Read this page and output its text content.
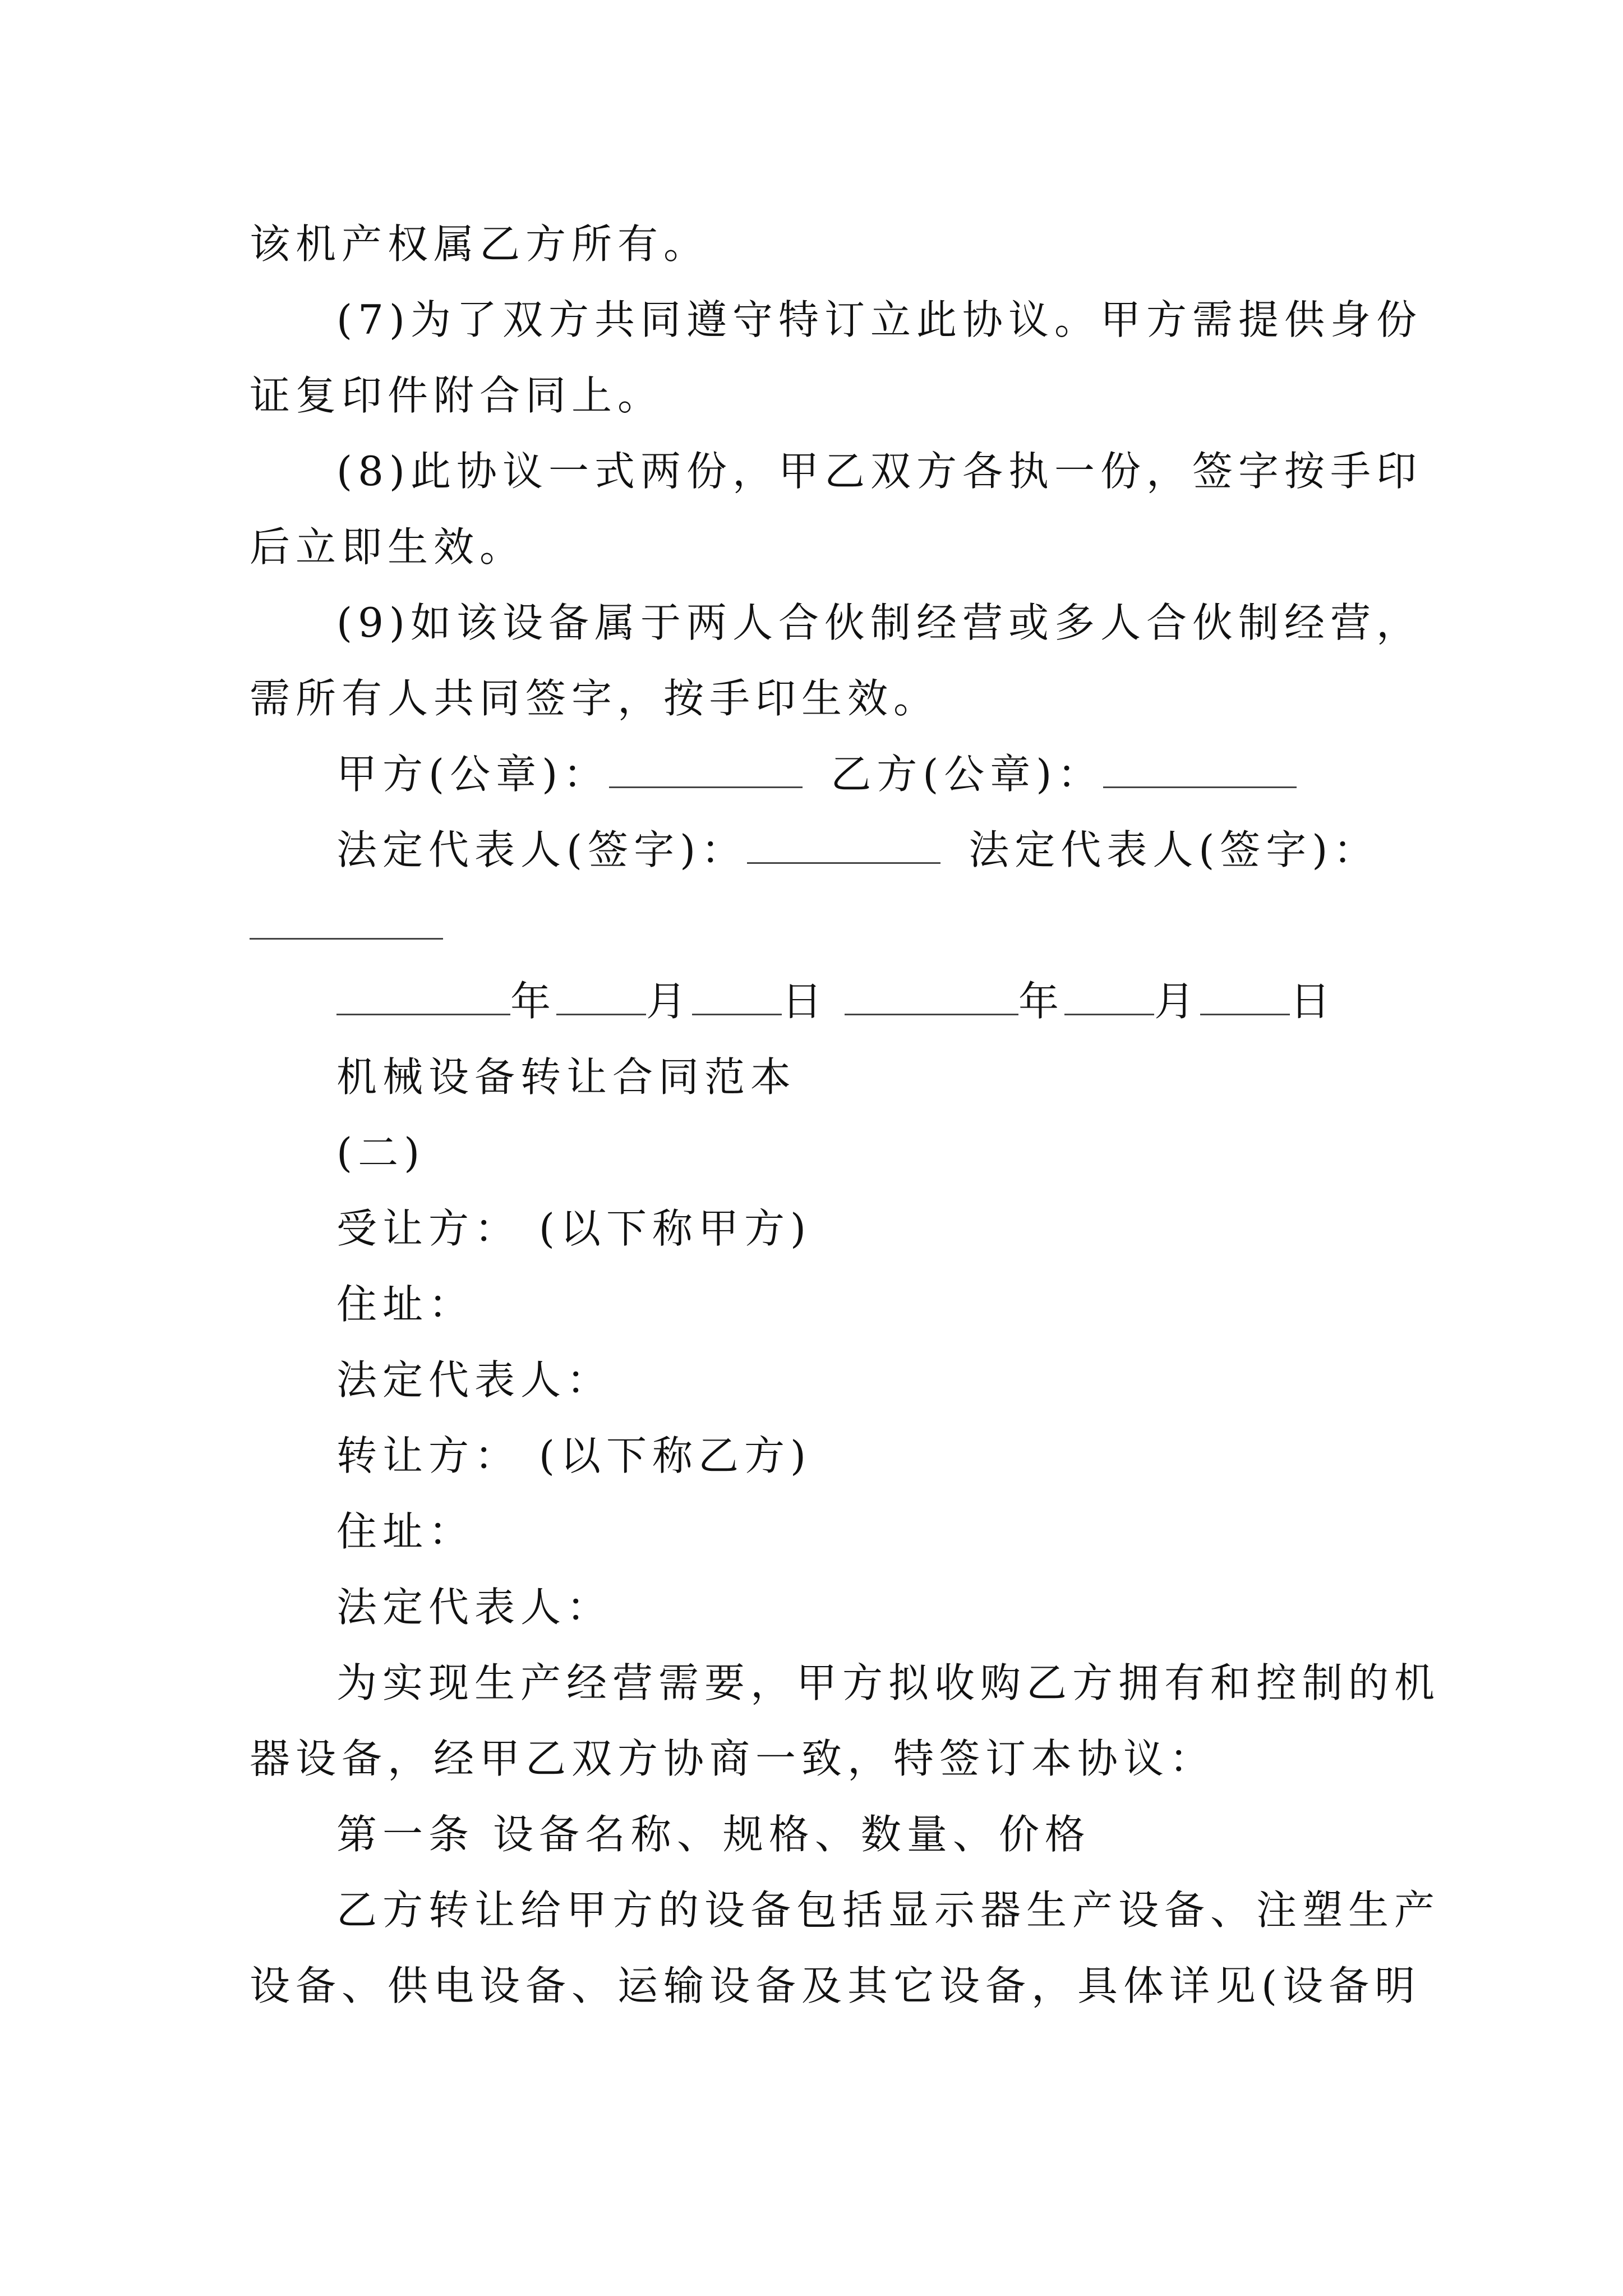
该机产权属乙方所有。
(7)为了双方共同遵守特订立此协议。甲方需提供身份
证复印件附合同上。
(8)此协议一式两份，甲乙双方各执一份，签字按手印
后立即生效。
(9)如该设备属于两人合伙制经营或多人合伙制经营，
需所有人共同签字，按手印生效。
甲方(公章)：	乙方(公章)：
法定代表人(签字)：	法定代表人(签字)：
年 月 日	年 月 日
机械设备转让合同范本
(二)
受让方： (以下称甲方)
住址：
法定代表人：
转让方： (以下称乙方)
住址：
法定代表人：
为实现生产经营需要，甲方拟收购乙方拥有和控制的机
器设备，经甲乙双方协商一致，特签订本协议：
第一条 设备名称、规格、数量、价格
乙方转让给甲方的设备包括显示器生产设备、注塑生产
设备、供电设备、运输设备及其它设备，具体详见(设备明
